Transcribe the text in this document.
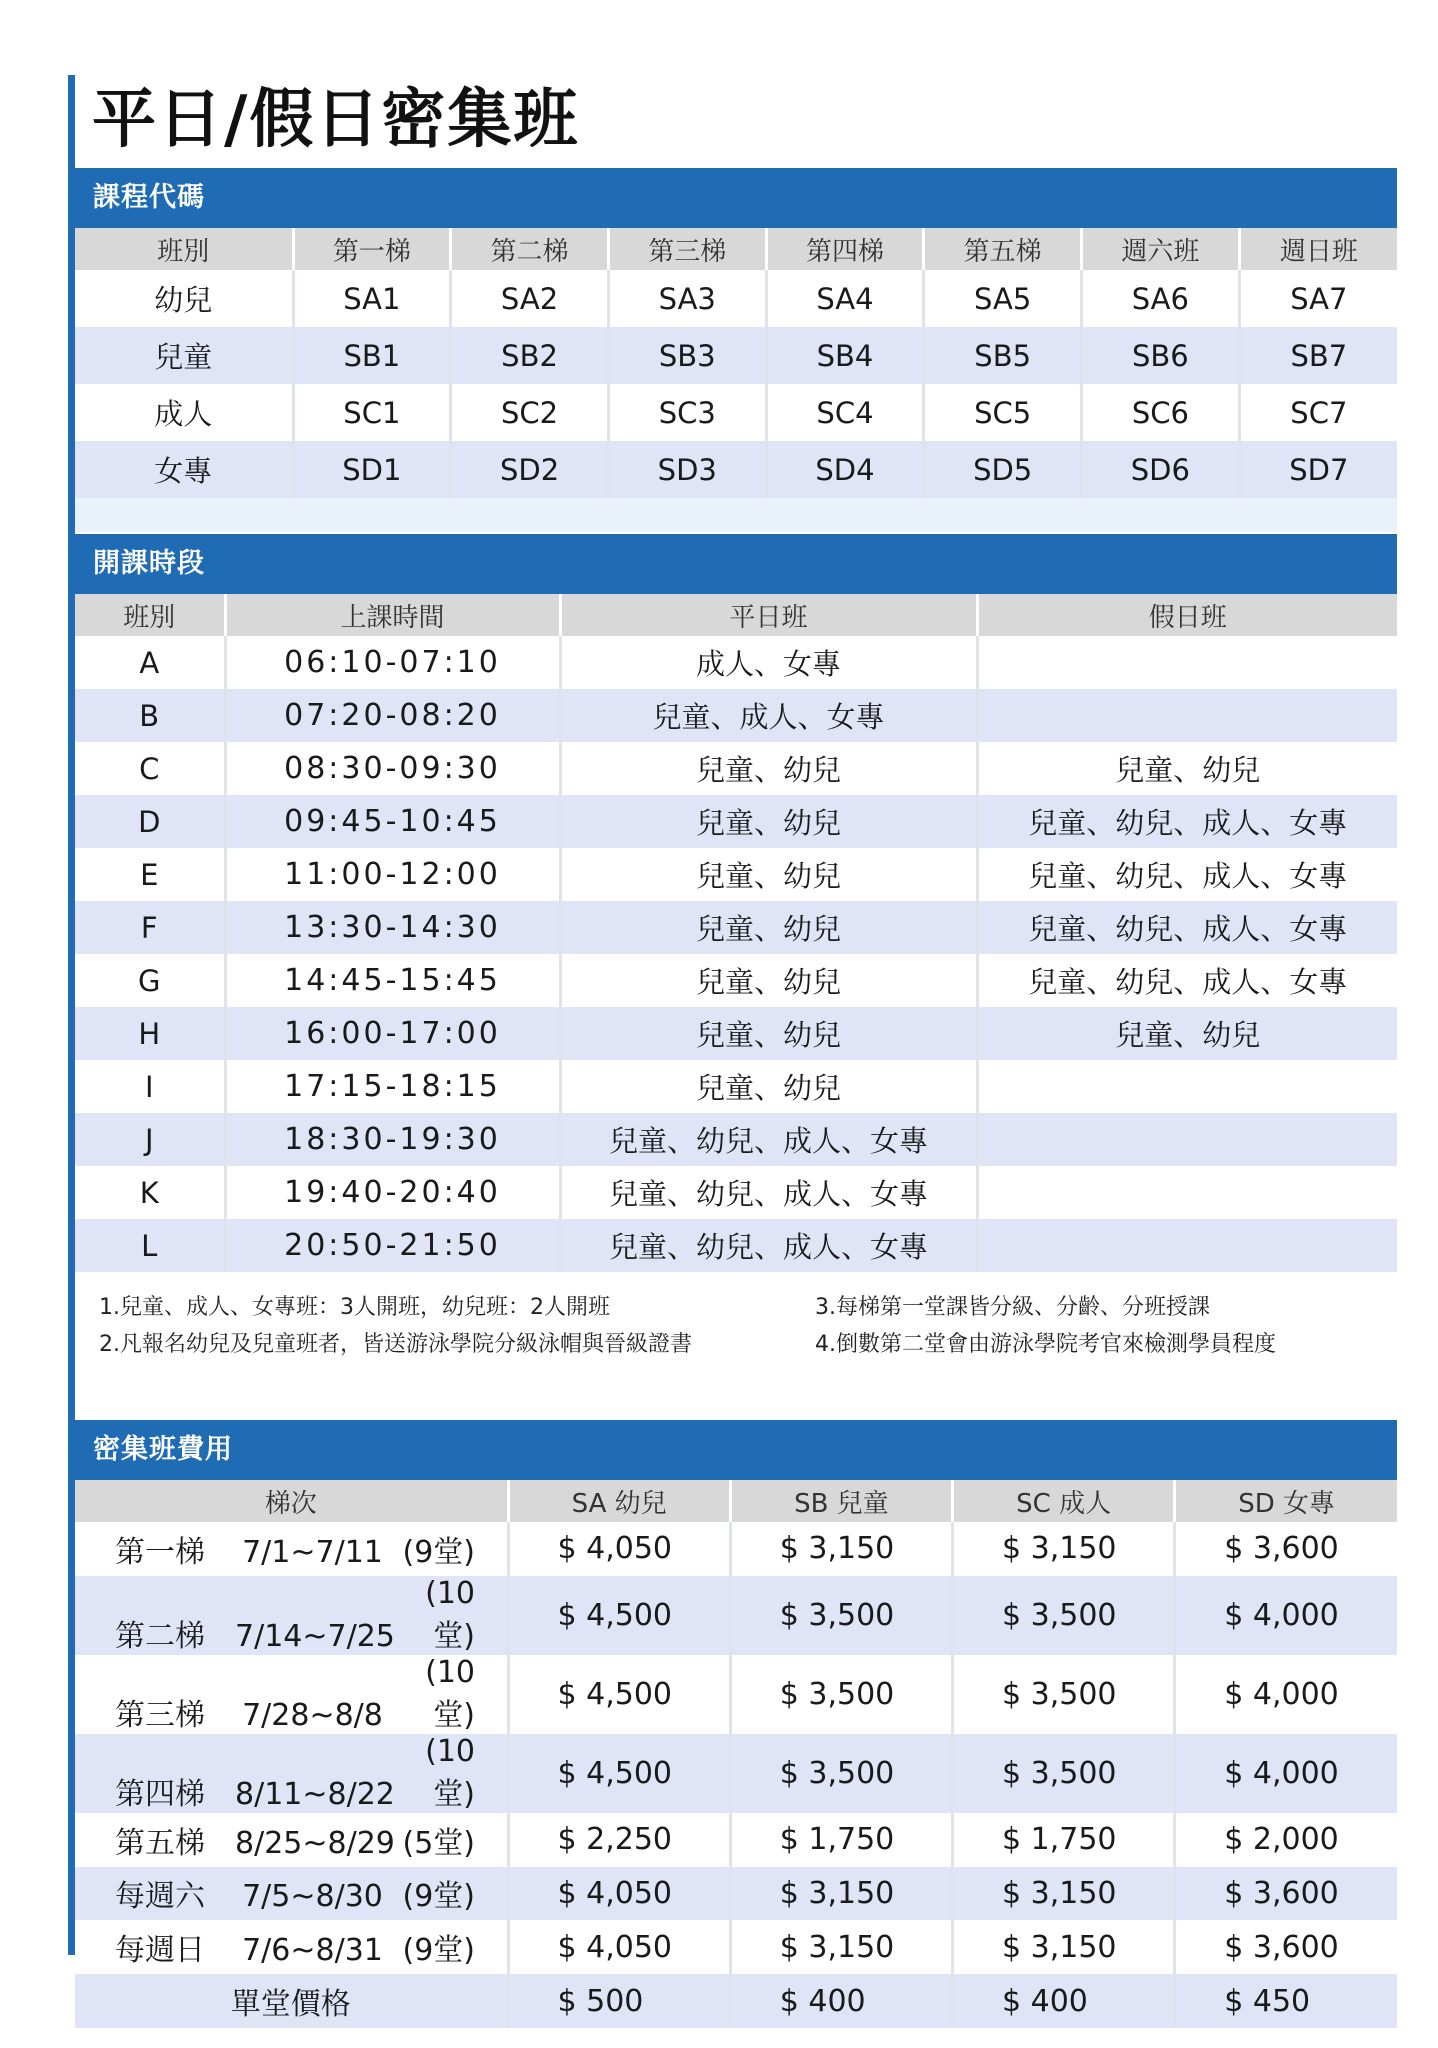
平日/假日密集班
課程代碼
班別	第一梯	第二梯	第三梯	第四梯	第五梯	週六班	週日班
幼兒	SA1	SA2	SA3	SA4	SA5	SA6	SA7
兒童	SB1	SB2	SB3	SB4	SB5	SB6	SB7
成人	SC1	SC2	SC3	SC4	SC5	SC6	SC7
女專	SD1	SD2	SD3	SD4	SD5	SD6	SD7
開課時段
班別	上課時間	平日班	假日班
A	06:10-07:10	成人、女專	
B	07:20-08:20	兒童、成人、女專	
C	08:30-09:30	兒童、幼兒	兒童、幼兒
D	09:45-10:45	兒童、幼兒	兒童、幼兒、成人、女專
E	11:00-12:00	兒童、幼兒	兒童、幼兒、成人、女專
F	13:30-14:30	兒童、幼兒	兒童、幼兒、成人、女專
G	14:45-15:45	兒童、幼兒	兒童、幼兒、成人、女專
H	16:00-17:00	兒童、幼兒	兒童、幼兒
I	17:15-18:15	兒童、幼兒	
J	18:30-19:30	兒童、幼兒、成人、女專	
K	19:40-20:40	兒童、幼兒、成人、女專	
L	20:50-21:50	兒童、幼兒、成人、女專	
1.兒童、成人、女專班：3人開班，幼兒班：2人開班
2.凡報名幼兒及兒童班者，皆送游泳學院分級泳帽與晉級證書
3.每梯第一堂課皆分級、分齡、分班授課
4.倒數第二堂會由游泳學院考官來檢測學員程度
密集班費用
梯次	SA 幼兒	SB 兒童	SC 成人	SD 女專
第一梯 7/1~7/11 (9堂)	$ 4,050	$ 3,150	$ 3,150	$ 3,600
第二梯 7/14~7/25(10堂)	$ 4,500	$ 3,500	$ 3,500	$ 4,000
第三梯 7/28~8/8(10堂)	$ 4,500	$ 3,500	$ 3,500	$ 4,000
第四梯 8/11~8/22(10堂)	$ 4,500	$ 3,500	$ 3,500	$ 4,000
第五梯 8/25~8/29 (5堂)	$ 2,250	$ 1,750	$ 1,750	$ 2,000
每週六 7/5~8/30 (9堂)	$ 4,050	$ 3,150	$ 3,150	$ 3,600
每週日 7/6~8/31 (9堂)	$ 4,050	$ 3,150	$ 3,150	$ 3,600
單堂價格	$ 500	$ 400	$ 400	$ 450
